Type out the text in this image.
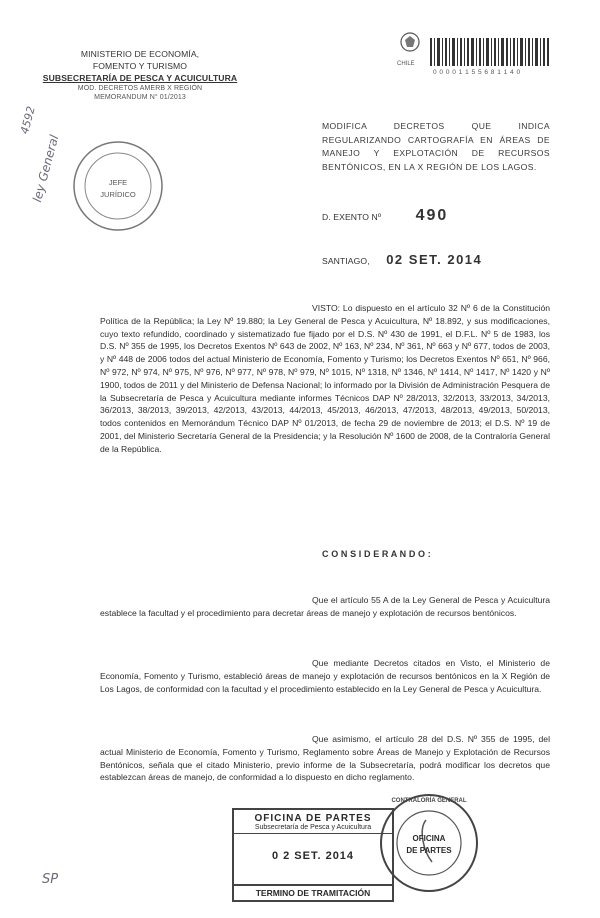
MINISTERIO DE ECONOMÍA,
FOMENTO Y TURISMO
SUBSECRETARÍA DE PESCA Y ACUICULTURA
MOD. DECRETOS AMERB X REGIÓN
MEMORANDUM N° 01/2013
CHILE
0 0 0 0 1 1 5 5 6 8 1 1 4 0
4592
ley General	JEFE
JURÍDICO
MODIFICA DECRETOS QUE INDICA REGULARIZANDO CARTOGRAFÍA EN ÁREAS DE MANEJO Y EXPLOTACIÓN DE RECURSOS BENTÓNICOS, EN LA X REGIÓN DE LOS LAGOS.
D. EXENTO Nº 490
SANTIAGO, 02 SET. 2014

VISTO: Lo dispuesto en el artículo 32 Nº 6 de la Constitución Política de la República; la Ley Nº 19.880; la Ley General de Pesca y Acuicultura, Nº 18.892, y sus modificaciones, cuyo texto refundido, coordinado y sistematizado fue fijado por el D.S. Nº 430 de 1991, el D.F.L. Nº 5 de 1983, los D.S. Nº 355 de 1995, los Decretos Exentos Nº 643 de 2002, Nº 163, Nº 234, Nº 361, Nº 663 y Nº 677, todos de 2003, y Nº 448 de 2006 todos del actual Ministerio de Economía, Fomento y Turismo; los Decretos Exentos Nº 651, Nº 966, Nº 972, Nº 974, Nº 975, Nº 976, Nº 977, Nº 978, Nº 979, Nº 1015, Nº 1318, Nº 1346, Nº 1414, Nº 1417, Nº 1420 y Nº 1900, todos de 2011 y del Ministerio de Defensa Nacional; lo informado por la División de Administración Pesquera de la Subsecretaría de Pesca y Acuicultura mediante informes Técnicos DAP Nº 28/2013, 32/2013, 33/2013, 34/2013, 36/2013, 38/2013, 39/2013, 42/2013, 43/2013, 44/2013, 45/2013, 46/2013, 47/2013, 48/2013, 49/2013, 50/2013, todos contenidos en Memorándum Técnico DAP Nº 01/2013, de fecha 29 de noviembre de 2013; el D.S. Nº 19 de 2001, del Ministerio Secretaría General de la Presidencia; y la Resolución Nº 1600 de 2008, de la Contraloría General de la República.

C O N S I D E R A N D O :

Que el artículo 55 A de la Ley General de Pesca y Acuicultura establece la facultad y el procedimiento para decretar áreas de manejo y explotación de recursos bentónicos.

Que mediante Decretos citados en Visto, el Ministerio de Economía, Fomento y Turismo, estableció áreas de manejo y explotación de recursos bentónicos en la X Región de Los Lagos, de conformidad con la facultad y el procedimiento establecido en la Ley General de Pesca y Acuicultura.

Que asimismo, el artículo 28 del D.S. Nº 355 de 1995, del actual Ministerio de Economía, Fomento y Turismo, Reglamento sobre Áreas de Manejo y Explotación de Recursos Bentónicos, señala que el citado Ministerio, previo informe de la Subsecretaría, podrá modificar los decretos que establezcan áreas de manejo, de conformidad a lo dispuesto en dicho reglamento.

OFICINA DE PARTES
Subsecretaría de Pesca y Acuicultura
0 2 SET. 2014
TERMINO DE TRAMITACIÓN
CONTRALORÍA GENERAL
OFICINA
DE PARTES
SP
